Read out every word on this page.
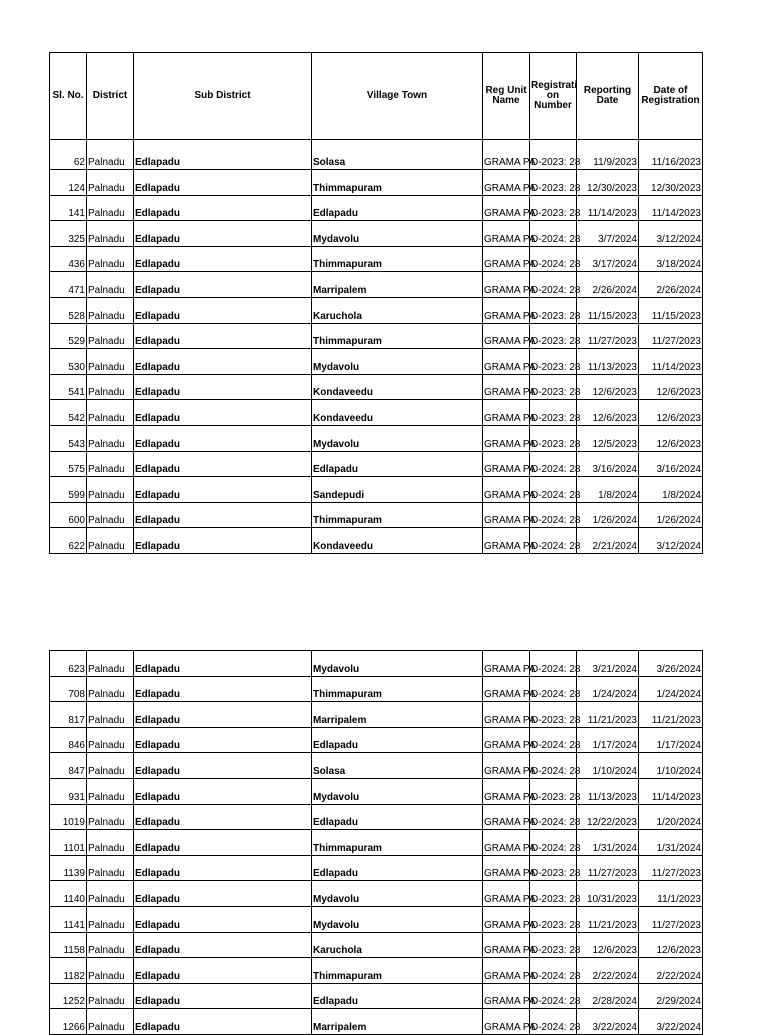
Sl. No.	District	Sub District	Village Town	Reg Unit Name	Registrati on Number	Reporting Date	Date of Registration
62	Palnadu	Edlapadu	Solasa	GRAMA PA	D-2023: 28	11/9/2023	11/16/2023
124	Palnadu	Edlapadu	Thimmapuram	GRAMA PA	D-2023: 28	12/30/2023	12/30/2023
141	Palnadu	Edlapadu	Edlapadu	GRAMA PA	D-2023: 28	11/14/2023	11/14/2023
325	Palnadu	Edlapadu	Mydavolu	GRAMA PA	D-2024: 28	3/7/2024	3/12/2024
436	Palnadu	Edlapadu	Thimmapuram	GRAMA PA	D-2024: 28	3/17/2024	3/18/2024
471	Palnadu	Edlapadu	Marripalem	GRAMA PA	D-2024: 28	2/26/2024	2/26/2024
528	Palnadu	Edlapadu	Karuchola	GRAMA PA	D-2023: 28	11/15/2023	11/15/2023
529	Palnadu	Edlapadu	Thimmapuram	GRAMA PA	D-2023: 28	11/27/2023	11/27/2023
530	Palnadu	Edlapadu	Mydavolu	GRAMA PA	D-2023: 28	11/13/2023	11/14/2023
541	Palnadu	Edlapadu	Kondaveedu	GRAMA PA	D-2023: 28	12/6/2023	12/6/2023
542	Palnadu	Edlapadu	Kondaveedu	GRAMA PA	D-2023: 28	12/6/2023	12/6/2023
543	Palnadu	Edlapadu	Mydavolu	GRAMA PA	D-2023: 28	12/5/2023	12/6/2023
575	Palnadu	Edlapadu	Edlapadu	GRAMA PA	D-2024: 28	3/16/2024	3/16/2024
599	Palnadu	Edlapadu	Sandepudi	GRAMA PA	D-2024: 28	1/8/2024	1/8/2024
600	Palnadu	Edlapadu	Thimmapuram	GRAMA PA	D-2024: 28	1/26/2024	1/26/2024
622	Palnadu	Edlapadu	Kondaveedu	GRAMA PA	D-2024: 28	2/21/2024	3/12/2024
623	Palnadu	Edlapadu	Mydavolu	GRAMA PA	D-2024: 28	3/21/2024	3/26/2024
708	Palnadu	Edlapadu	Thimmapuram	GRAMA PA	D-2024: 28	1/24/2024	1/24/2024
817	Palnadu	Edlapadu	Marripalem	GRAMA PA	D-2023: 28	11/21/2023	11/21/2023
846	Palnadu	Edlapadu	Edlapadu	GRAMA PA	D-2024: 28	1/17/2024	1/17/2024
847	Palnadu	Edlapadu	Solasa	GRAMA PA	D-2024: 28	1/10/2024	1/10/2024
931	Palnadu	Edlapadu	Mydavolu	GRAMA PA	D-2023: 28	11/13/2023	11/14/2023
1019	Palnadu	Edlapadu	Edlapadu	GRAMA PA	D-2024: 28	12/22/2023	1/20/2024
1101	Palnadu	Edlapadu	Thimmapuram	GRAMA PA	D-2024: 28	1/31/2024	1/31/2024
1139	Palnadu	Edlapadu	Edlapadu	GRAMA PA	D-2023: 28	11/27/2023	11/27/2023
1140	Palnadu	Edlapadu	Mydavolu	GRAMA PA	D-2023: 28	10/31/2023	11/1/2023
1141	Palnadu	Edlapadu	Mydavolu	GRAMA PA	D-2023: 28	11/21/2023	11/27/2023
1158	Palnadu	Edlapadu	Karuchola	GRAMA PA	D-2023: 28	12/6/2023	12/6/2023
1182	Palnadu	Edlapadu	Thimmapuram	GRAMA PA	D-2024: 28	2/22/2024	2/22/2024
1252	Palnadu	Edlapadu	Edlapadu	GRAMA PA	D-2024: 28	2/28/2024	2/29/2024
1266	Palnadu	Edlapadu	Marripalem	GRAMA PA	D-2024: 28	3/22/2024	3/22/2024
